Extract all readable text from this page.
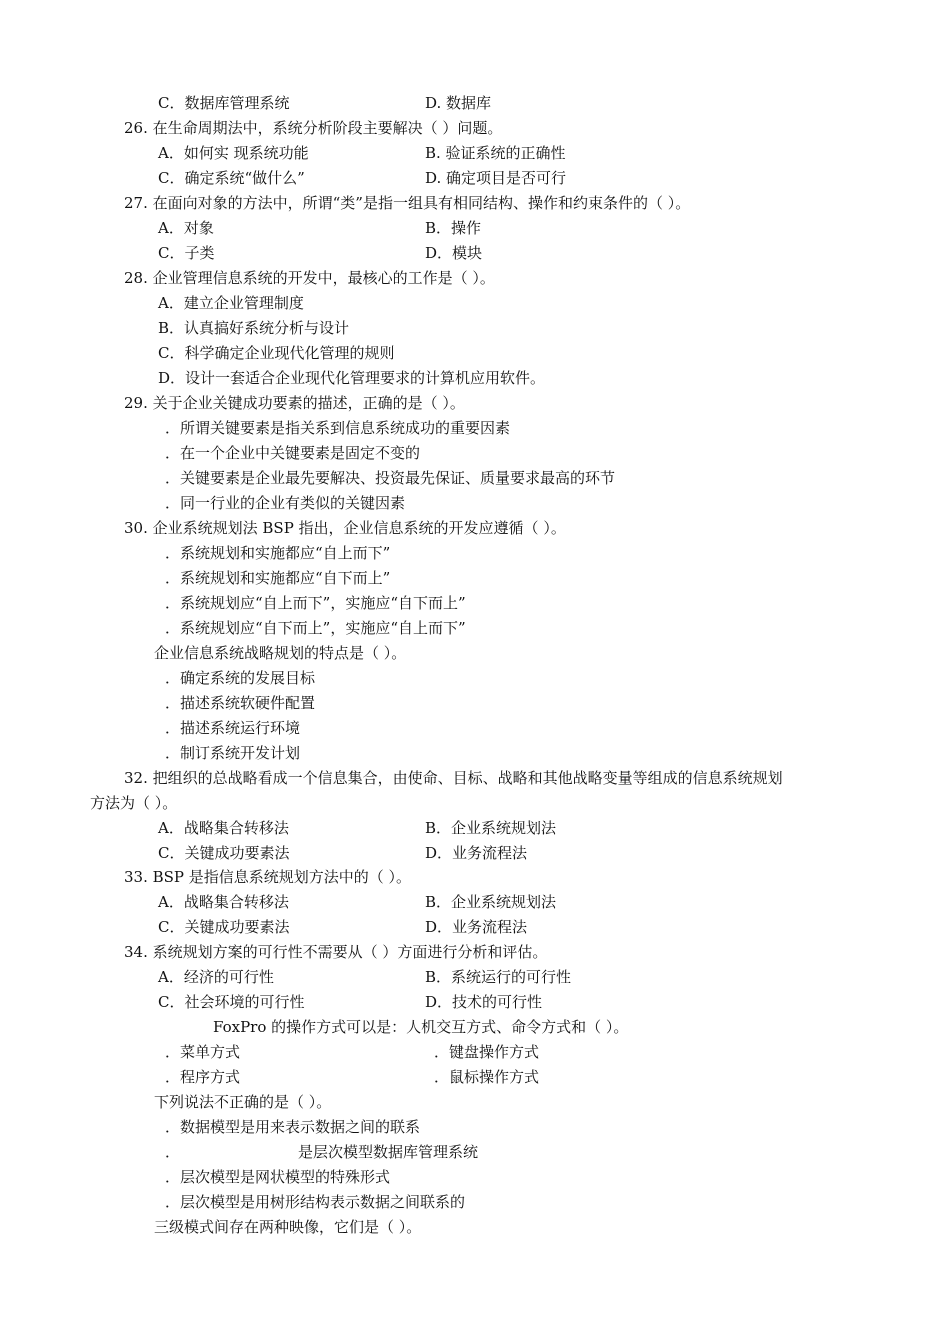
C．数据库管理系统	D. 数据库
26. 在生命周期法中，系统分析阶段主要解决（ ）问题。
A．如何实 现系统功能	B. 验证系统的正确性
C．确定系统“做什么”	D. 确定项目是否可行
27. 在面向对象的方法中，所谓“类”是指一组具有相同结构、操作和约束条件的（ ）。
A．对象	B．操作
C．子类	D．模块
28. 企业管理信息系统的开发中，最核心的工作是（ ）。
A．建立企业管理制度
B．认真搞好系统分析与设计
C．科学确定企业现代化管理的规则
D．设计一套适合企业现代化管理要求的计算机应用软件。
29. 关于企业关键成功要素的描述，正确的是（ ）。
．所谓关键要素是指关系到信息系统成功的重要因素
．在一个企业中关键要素是固定不变的
．关键要素是企业最先要解决、投资最先保证、质量要求最高的环节
．同一行业的企业有类似的关键因素
30. 企业系统规划法 BSP 指出，企业信息系统的开发应遵循（ ）。
．系统规划和实施都应“自上而下”
．系统规划和实施都应“自下而上”
．系统规划应“自上而下”，实施应“自下而上”
．系统规划应“自下而上”，实施应“自上而下”
企业信息系统战略规划的特点是（ ）。
．确定系统的发展目标
．描述系统软硬件配置
．描述系统运行环境
．制订系统开发计划
32. 把组织的总战略看成一个信息集合，由使命、目标、战略和其他战略变量等组成的信息系统规划
方法为（ ）。
A．战略集合转移法	B．企业系统规划法
C．关键成功要素法	D．业务流程法
33. BSP 是指信息系统规划方法中的（ ）。
A．战略集合转移法	B．企业系统规划法
C．关键成功要素法	D．业务流程法
34. 系统规划方案的可行性不需要从（ ）方面进行分析和评估。
A．经济的可行性	B．系统运行的可行性
C．社会环境的可行性	D．技术的可行性
FoxPro 的操作方式可以是：人机交互方式、命令方式和（ ）。
．菜单方式	．键盘操作方式
．程序方式	．鼠标操作方式
下列说法不正确的是（ ）。
．数据模型是用来表示数据之间的联系
．	是层次模型数据库管理系统
．层次模型是网状模型的特殊形式
．层次模型是用树形结构表示数据之间联系的
三级模式间存在两种映像，它们是（ ）。
